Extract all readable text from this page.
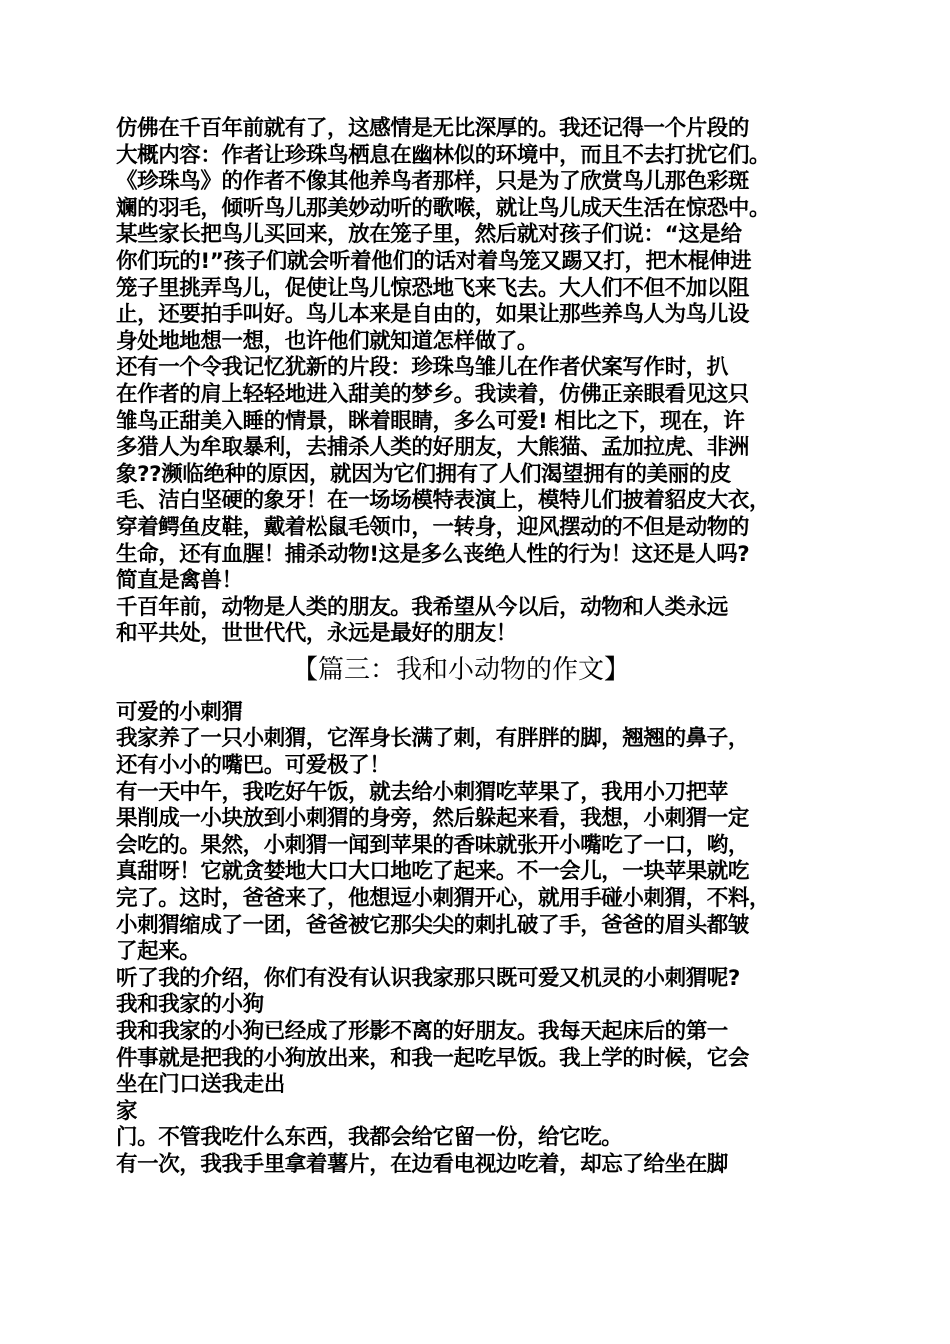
仿佛在千百年前就有了，这感情是无比深厚的。我还记得一个片段的
大概内容：作者让珍珠鸟栖息在幽林似的环境中，而且不去打扰它们。
《珍珠鸟》的作者不像其他养鸟者那样，只是为了欣赏鸟儿那色彩斑
斓的羽毛，倾听鸟儿那美妙动听的歌喉，就让鸟儿成天生活在惊恐中。
某些家长把鸟儿买回来，放在笼子里，然后就对孩子们说：“这是给
你们玩的!”孩子们就会听着他们的话对着鸟笼又踢又打，把木棍伸进
笼子里挑弄鸟儿，促使让鸟儿惊恐地飞来飞去。大人们不但不加以阻
止，还要拍手叫好。鸟儿本来是自由的，如果让那些养鸟人为鸟儿设
身处地地想一想，也许他们就知道怎样做了。
还有一个令我记忆犹新的片段：珍珠鸟雏儿在作者伏案写作时，扒
在作者的肩上轻轻地进入甜美的梦乡。我读着，仿佛正亲眼看见这只
雏鸟正甜美入睡的情景，眯着眼睛，多么可爱! 相比之下，现在，许
多猎人为牟取暴利，去捕杀人类的好朋友，大熊猫、孟加拉虎、非洲
象??濒临绝种的原因，就因为它们拥有了人们渴望拥有的美丽的皮
毛、洁白坚硬的象牙！在一场场模特表演上，模特儿们披着貂皮大衣，
穿着鳄鱼皮鞋，戴着松鼠毛领巾，一转身，迎风摆动的不但是动物的
生命，还有血腥！捕杀动物!这是多么丧绝人性的行为！这还是人吗?
简直是禽兽！
千百年前，动物是人类的朋友。我希望从今以后，动物和人类永远
和平共处，世世代代，永远是最好的朋友！
【篇三：我和小动物的作文】
可爱的小刺猬
我家养了一只小刺猬，它浑身长满了刺，有胖胖的脚，翘翘的鼻子，
还有小小的嘴巴。可爱极了！
有一天中午，我吃好午饭，就去给小刺猬吃苹果了，我用小刀把苹
果削成一小块放到小刺猬的身旁，然后躲起来看，我想，小刺猬一定
会吃的。果然，小刺猬一闻到苹果的香味就张开小嘴吃了一口，哟，
真甜呀！它就贪婪地大口大口地吃了起来。不一会儿，一块苹果就吃
完了。这时，爸爸来了，他想逗小刺猬开心，就用手碰小刺猬，不料，
小刺猬缩成了一团，爸爸被它那尖尖的刺扎破了手，爸爸的眉头都皱
了起来。
听了我的介绍，你们有没有认识我家那只既可爱又机灵的小刺猬呢?
我和我家的小狗
我和我家的小狗已经成了形影不离的好朋友。我每天起床后的第一
件事就是把我的小狗放出来，和我一起吃早饭。我上学的时候，它会
坐在门口送我走出
家
门。不管我吃什么东西，我都会给它留一份，给它吃。
有一次，我我手里拿着薯片，在边看电视边吃着，却忘了给坐在脚
